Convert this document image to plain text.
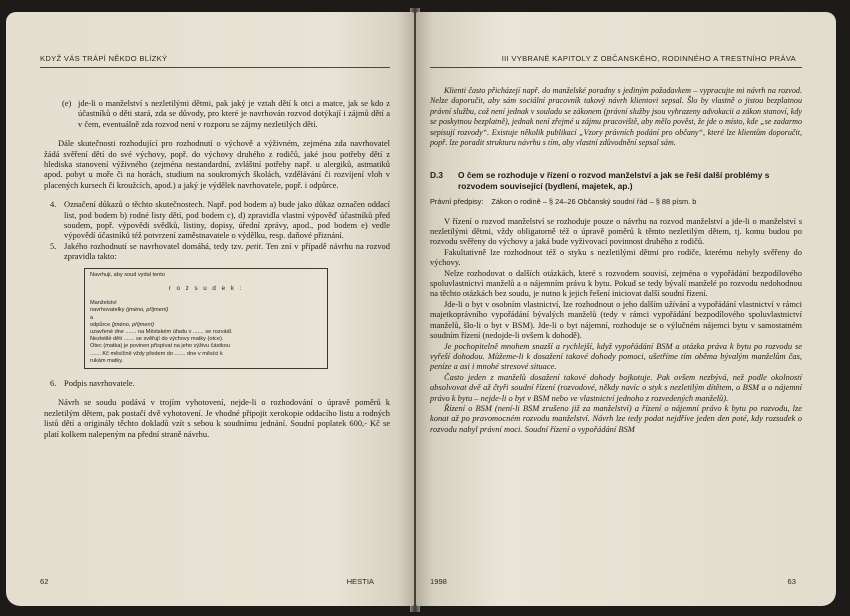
KDYŽ VÁS TRÁPÍ NĚKDO BLÍZKÝ

(e) jde-li o manželství s nezletilými dětmi, pak jaký je vztah dětí k otci a matce, jak se kdo z účastníků o děti stará, zda se důvody, pro které je navrhován rozvod dotýkají i zájmů dětí a v čem, eventuálně zda rozvod není v rozporu se zájmy nezletilých dětí.

Dále skutečnosti rozhodující pro rozhodnutí o výchově a výživném, zejména zda navrhovatel žádá svěření dětí do své výchovy, popř. do výchovy druhého z rodičů, jaké jsou potřeby dětí z hlediska stanovení výživného (zejména nestandardní, zvláštní potřeby např. u alergiků, astmatiků apod. pobyt u moře či na horách, studium na soukromých školách, vzdělávání či rozvíjení vloh v placených kursech či kroužcích, apod.) a jaký je výdělek navrhovatele, popř. i odpůrce.

4. Označení důkazů o těchto skutečnostech. Např. pod bodem a) bude jako důkaz označen oddací list, pod bodem b) rodné listy dětí, pod bodem c), d) zpravidla vlastní výpověď účastníků před soudem, popř. výpovědi svědků, listiny, dopisy, úřední zprávy, apod., pod bodem e) vedle výpovědí účastníků též potvrzení zaměstnavatele o výdělku, resp. daňové přiznání.

5. Jakého rozhodnutí se navrhovatel domáhá, tedy tzv. petit. Ten zní v případě návrhu na rozvod zpravidla takto:

Navrhuji, aby soud vydal tento
r o z s u d e k :
Manželství
navrhovatelky (jméno, příjmení)
a
odpůrce (jméno, příjmení)
uzavřené dne ....... na Městském úřadu v ....... se rozvádí.
Nezletilé děti ....... se svěřují do výchovy matky (otce).
Otec (matka) je povinen přispívat na jeho výživu částkou
....... Kč měsíčně vždy předem do ....... dne v měsíci k
rukám matky.

6. Podpis navrhovatele.

Návrh se soudu podává v trojím vyhotovení, nejde-li o rozhodování o úpravě poměrů k nezletilým dětem, pak postačí dvě vyhotovení. Je vhodné připojit xerokopie oddacího listu a rodných listů dětí a originály těchto dokladů vzít s sebou k soudnímu jednání. Soudní poplatek 600,- Kč se platí kolkem nalepeným na přední straně návrhu.

62	HESTIA
III VYBRANÉ KAPITOLY Z OBČANSKÉHO, RODINNÉHO A TRESTNÍHO PRÁVA

Klienti často přicházejí např. do manželské poradny s jediným požadavkem – vypracujte mi návrh na rozvod. Nelze doporučit, aby sám sociální pracovník takový návrh klientovi sepsal. Šlo by vlastně o jistou bezplatnou právní službu, což není jednak v souladu se zákonem (právní služby jsou vyhrazeny advokacii a zákon stanoví, kdy se poskytnou bezplatně), jednak není zřejmé u zájmu pracoviště, aby mělo pověst, že jde o místo, kde „se zadarmo sepisují rozvody“. Existuje několik publikací „Vzory právních podání pro občany“, které lze klientům doporučit, popř. lze poradit strukturu návrhu s tím, aby vlastní zdůvodnění sepsal sám.

D.3 O čem se rozhoduje v řízení o rozvod manželství a jak se řeší další problémy s rozvodem související (bydlení, majetek, ap.)

Právní předpisy: Zákon o rodině – § 24–26 Občanský soudní řád – § 88 písm. b

V řízení o rozvod manželství se rozhoduje pouze o návrhu na rozvod manželství a jde-li o manželství s nezletilými dětmi, vždy obligatorně též o úpravě poměrů k těmto nezletilým dětem, tj. komu budou po rozvodu svěřeny do výchovy a jaká bude vyživovací povinnost druhého z rodičů.

Fakultativně lze rozhodnout též o styku s nezletilými dětmi pro rodiče, kterému nebyly svěřeny do výchovy.

Nelze rozhodovat o dalších otázkách, které s rozvodem souvisí, zejména o vypořádání bezpodílového spoluvlastnictví manželů a o nájemním právu k bytu. Pokud se tedy bývalí manželé po rozvodu nedohodnou na těchto otázkách bez soudu, je nutno k jejich řešení iniciovat další soudní řízení.

Jde-li o byt v osobním vlastnictví, lze rozhodnout o jeho dalším užívání a vypořádání vlastnictví v rámci majetkoprávního vypořádání bývalých manželů (tedy v rámci vypořádání bezpodílového spoluvlastnictví manželů, šlo-li o byt v BSM). Jde-li o byt nájemní, rozhoduje se o výlučném nájemci bytu v samostatném soudním řízení (nedojde-li ovšem k dohodě).

Je pochopitelně mnohem snazší a rychlejší, když vypořádání BSM a otázka práva k bytu po rozvodu se vyřeší dohodou. Můžeme-li k dosažení takové dohody pomoci, ušetříme tím oběma bývalým manželům čas, peníze a asi i mnohé stresové situace.

Často jeden z manželů dosažení takové dohody bojkotuje. Pak ovšem nezbývá, než podle okolností absolvovat dvě až čtyři soudní řízení (rozvodové, někdy navíc o styk s nezletilým dítětem, o BSM a o nájemní právo k bytu – nejde-li o byt v BSM nebo ve vlastnictví jednoho z rozvedených manželů).

Řízení o BSM (není-li BSM zrušeno již za manželství) a řízení o nájemní právo k bytu po rozvodu, lze konat až po pravomocném rozvodu manželství. Návrh lze tedy podat nejdříve jeden den poté, kdy rozsudek o rozvodu nabyl právní moci. Soudní řízení o vypořádání BSM

1998	63
